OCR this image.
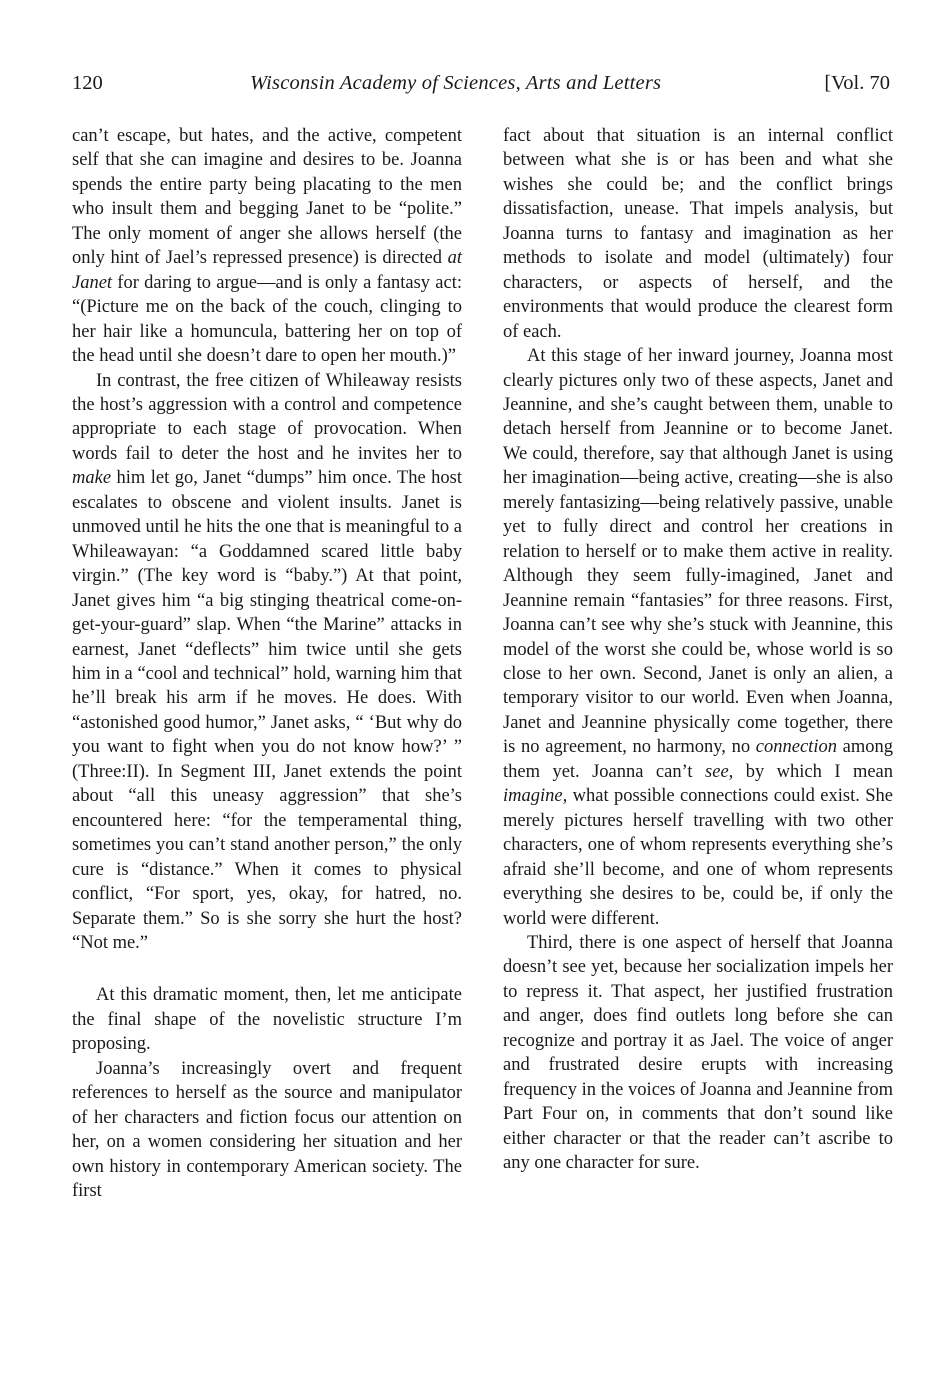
120	Wisconsin Academy of Sciences, Arts and Letters	[Vol. 70

can’t escape, but hates, and the active, competent self that she can imagine and desires to be. Joanna spends the entire party being placating to the men who insult them and begging Janet to be “polite.” The only moment of anger she allows herself (the only hint of Jael’s repressed presence) is directed at Janet for daring to argue—and is only a fantasy act: “(Picture me on the back of the couch, clinging to her hair like a homuncula, battering her on top of the head until she doesn’t dare to open her mouth.)”

In contrast, the free citizen of Whileaway resists the host’s aggression with a control and competence appropriate to each stage of provocation. When words fail to deter the host and he invites her to make him let go, Janet “dumps” him once. The host escalates to obscene and violent insults. Janet is unmoved until he hits the one that is meaningful to a Whileawayan: “a Goddamned scared little baby virgin.” (The key word is “baby.”) At that point, Janet gives him “a big stinging theatrical come-on-get-your-guard” slap. When “the Marine” attacks in earnest, Janet “deflects” him twice until she gets him in a “cool and technical” hold, warning him that he’ll break his arm if he moves. He does. With “astonished good humor,” Janet asks, “ ‘But why do you want to fight when you do not know how?’ ” (Three:II). In Segment III, Janet extends the point about “all this uneasy aggression” that she’s encountered here: “for the temperamental thing, sometimes you can’t stand another person,” the only cure is “distance.” When it comes to physical conflict, “For sport, yes, okay, for hatred, no. Separate them.” So is she sorry she hurt the host? “Not me.”

At this dramatic moment, then, let me anticipate the final shape of the novelistic structure I’m proposing.

Joanna’s increasingly overt and frequent references to herself as the source and manipulator of her characters and fiction focus our attention on her, on a women considering her situation and her own history in contemporary American society. The first

fact about that situation is an internal conflict between what she is or has been and what she wishes she could be; and the conflict brings dissatisfaction, unease. That impels analysis, but Joanna turns to fantasy and imagination as her methods to isolate and model (ultimately) four characters, or aspects of herself, and the environments that would produce the clearest form of each.

At this stage of her inward journey, Joanna most clearly pictures only two of these aspects, Janet and Jeannine, and she’s caught between them, unable to detach herself from Jeannine or to become Janet. We could, therefore, say that although Janet is using her imagination—being active, creating—she is also merely fantasizing—being relatively passive, unable yet to fully direct and control her creations in relation to herself or to make them active in reality. Although they seem fully-imagined, Janet and Jeannine remain “fantasies” for three reasons. First, Joanna can’t see why she’s stuck with Jeannine, this model of the worst she could be, whose world is so close to her own. Second, Janet is only an alien, a temporary visitor to our world. Even when Joanna, Janet and Jeannine physically come together, there is no agreement, no harmony, no connection among them yet. Joanna can’t see, by which I mean imagine, what possible connections could exist. She merely pictures herself travelling with two other characters, one of whom represents everything she’s afraid she’ll become, and one of whom represents everything she desires to be, could be, if only the world were different.

Third, there is one aspect of herself that Joanna doesn’t see yet, because her socialization impels her to repress it. That aspect, her justified frustration and anger, does find outlets long before she can recognize and portray it as Jael. The voice of anger and frustrated desire erupts with increasing frequency in the voices of Joanna and Jeannine from Part Four on, in comments that don’t sound like either character or that the reader can’t ascribe to any one character for sure.
